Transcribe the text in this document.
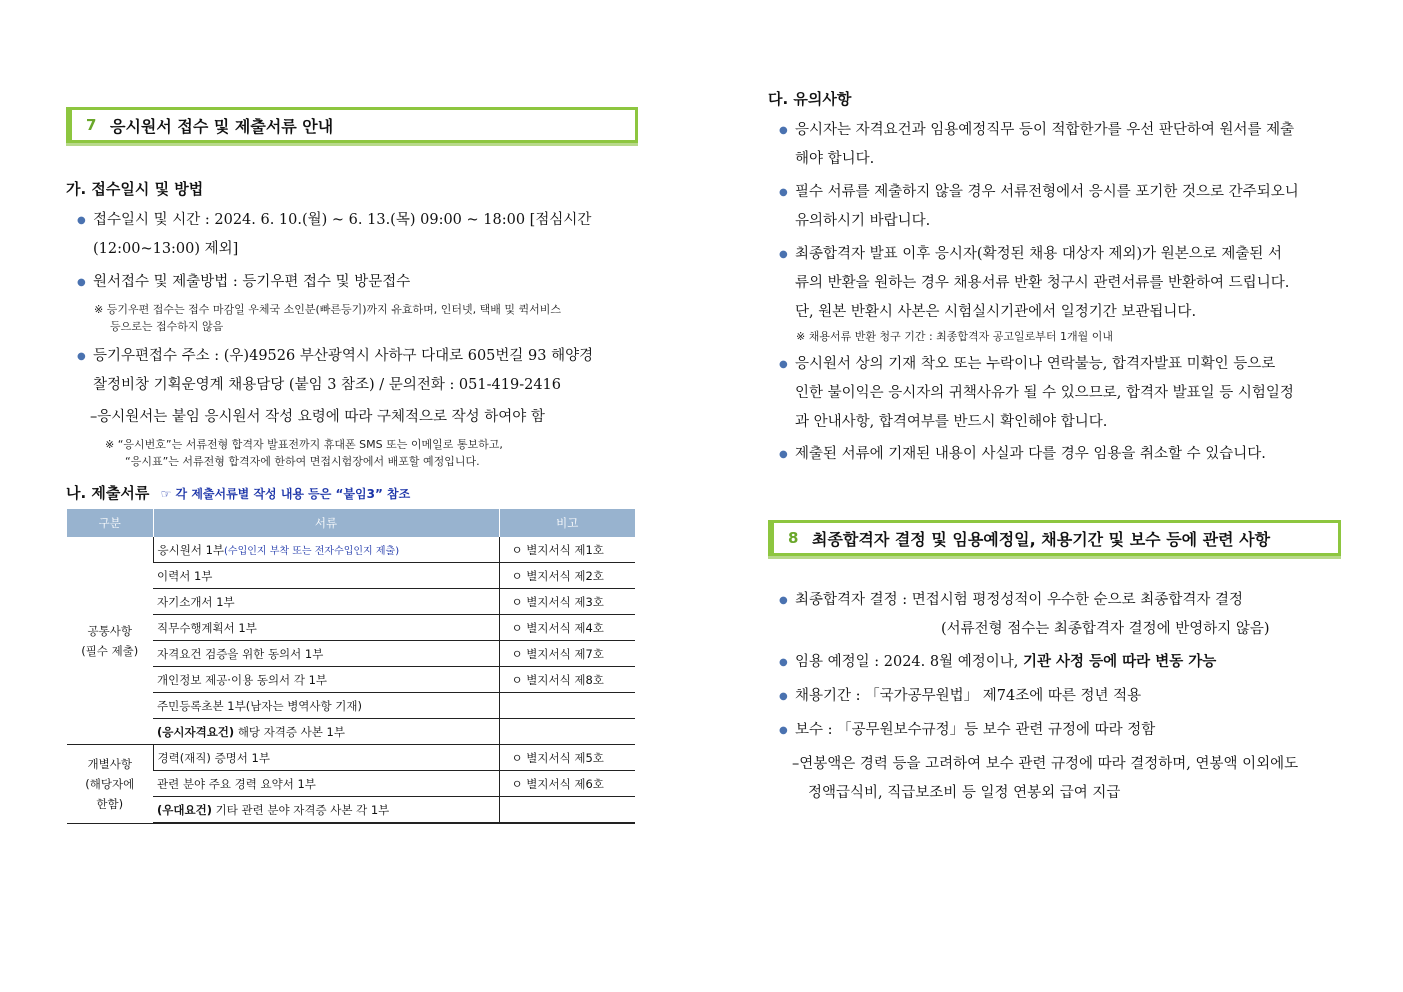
7 응시원서 접수 및 제출서류 안내
가. 접수일시 및 방법
● 접수일시 및 시간 : 2024. 6. 10.(월) ~ 6. 13.(목) 09:00 ~ 18:00 [점심시간
(12:00~13:00) 제외]
● 원서접수 및 제출방법 : 등기우편 접수 및 방문접수
※ 등기우편 접수는 접수 마감일 우체국 소인분(빠른등기)까지 유효하며, 인터넷, 택배 및 퀵서비스
등으로는 접수하지 않음
● 등기우편접수 주소 : (우)49526 부산광역시 사하구 다대로 605번길 93 해양경
찰정비창 기획운영계 채용담당 (붙임 3 참조) / 문의전화 : 051-419-2416
–응시원서는 붙임 응시원서 작성 요령에 따라 구체적으로 작성 하여야 함
※ “응시번호”는 서류전형 합격자 발표전까지 휴대폰 SMS 또는 이메일로 통보하고,
“응시표”는 서류전형 합격자에 한하여 면접시험장에서 배포할 예정입니다.
나. 제출서류 ☞ 각 제출서류별 작성 내용 등은 “붙임3” 참조
구분	서류	비고

공통사항
(필수 제출)	응시원서 1부(수입인지 부착 또는 전자수입인지 제출)	ㅇ 별지서식 제1호
	이력서 1부	ㅇ 별지서식 제2호
	자기소개서 1부	ㅇ 별지서식 제3호
	직무수행계획서 1부	ㅇ 별지서식 제4호
	자격요건 검증을 위한 동의서 1부	ㅇ 별지서식 제7호
	개인정보 제공·이용 동의서 각 1부	ㅇ 별지서식 제8호
	주민등록초본 1부(남자는 병역사항 기재)	
	(응시자격요건) 해당 자격증 사본 1부	

개별사항
(해당자에
한함)	경력(재직) 증명서 1부	ㅇ 별지서식 제5호
	관련 분야 주요 경력 요약서 1부	ㅇ 별지서식 제6호
	(우대요건) 기타 관련 분야 자격증 사본 각 1부	
다. 유의사항
● 응시자는 자격요건과 임용예정직무 등이 적합한가를 우선 판단하여 원서를 제출
해야 합니다.
● 필수 서류를 제출하지 않을 경우 서류전형에서 응시를 포기한 것으로 간주되오니
유의하시기 바랍니다.
● 최종합격자 발표 이후 응시자(확정된 채용 대상자 제외)가 원본으로 제출된 서
류의 반환을 원하는 경우 채용서류 반환 청구시 관련서류를 반환하여 드립니다.
단, 원본 반환시 사본은 시험실시기관에서 일정기간 보관됩니다.
※ 채용서류 반환 청구 기간 : 최종합격자 공고일로부터 1개월 이내
● 응시원서 상의 기재 착오 또는 누락이나 연락불능, 합격자발표 미확인 등으로
인한 불이익은 응시자의 귀책사유가 될 수 있으므로, 합격자 발표일 등 시험일정
과 안내사항, 합격여부를 반드시 확인해야 합니다.
● 제출된 서류에 기재된 내용이 사실과 다를 경우 임용을 취소할 수 있습니다.
8 최종합격자 결정 및 임용예정일, 채용기간 및 보수 등에 관련 사항
● 최종합격자 결정 : 면접시험 평정성적이 우수한 순으로 최종합격자 결정
(서류전형 점수는 최종합격자 결정에 반영하지 않음)
● 임용 예정일 : 2024. 8월 예정이나, 기관 사정 등에 따라 변동 가능
● 채용기간 : 「국가공무원법」 제74조에 따른 정년 적용
● 보수 : 「공무원보수규정」등 보수 관련 규정에 따라 정함
–연봉액은 경력 등을 고려하여 보수 관련 규정에 따라 결정하며, 연봉액 이외에도
정액급식비, 직급보조비 등 일정 연봉외 급여 지급
